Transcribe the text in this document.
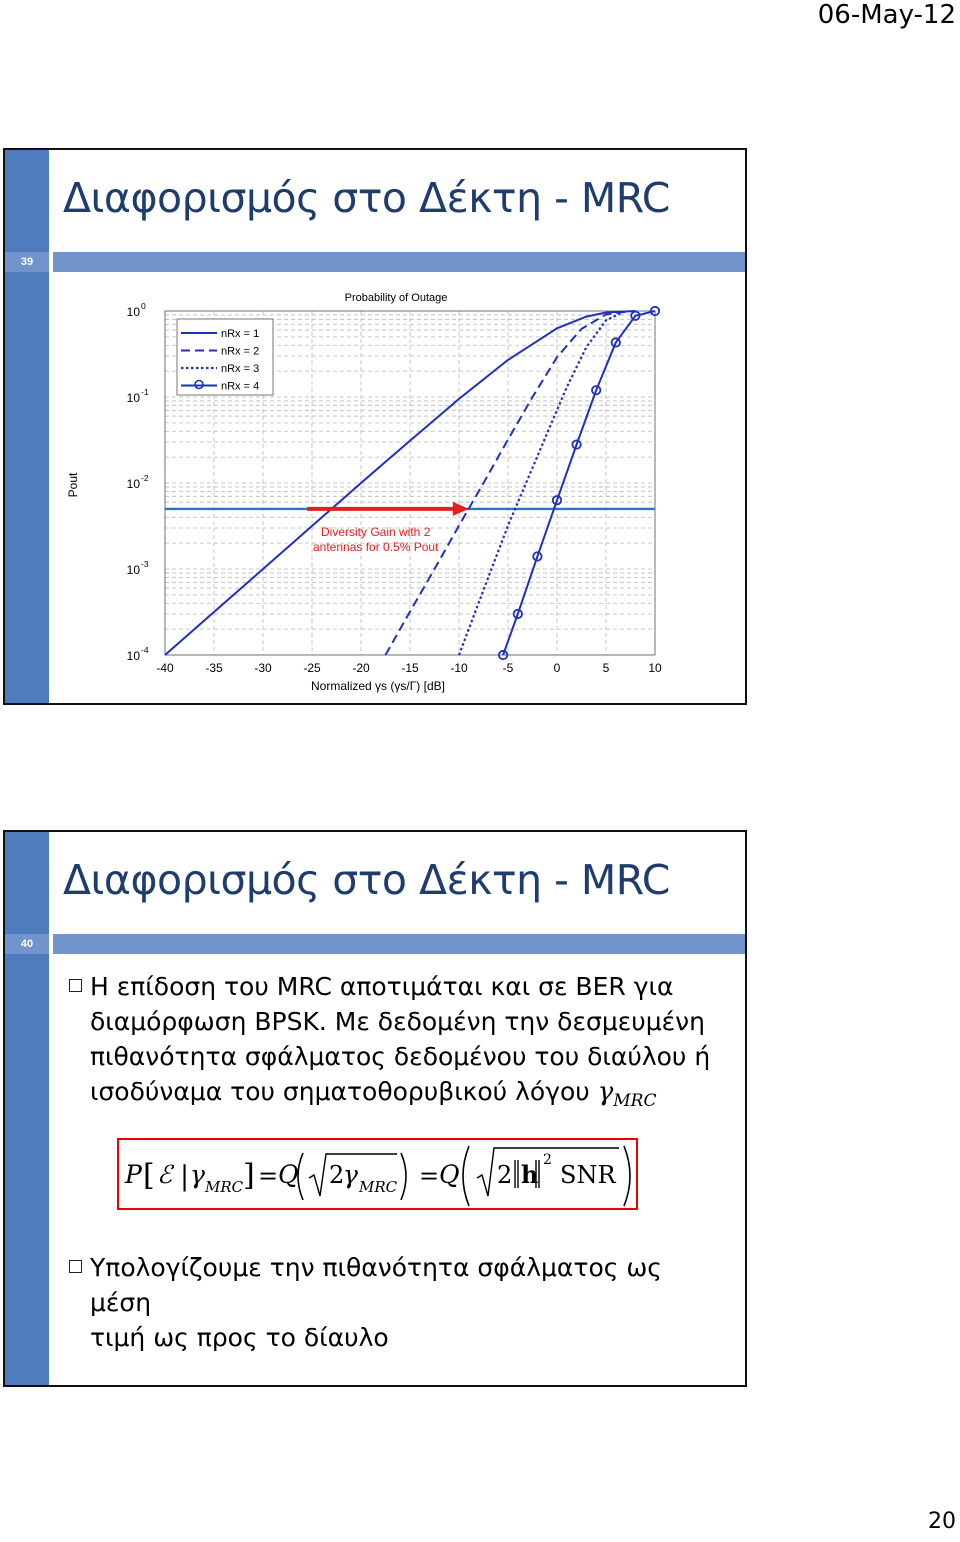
06-May-12
39
Διαφορισμός στο Δέκτη - MRC
-40	-35	-30	-25	-20	-15	-10	-5	0	5	10
10 0
10 -1
10 -2
10 -3
10 -4
Probability of Outage
Pout
Normalized γs (γs/Γ) [dB]
Diversity Gain with 2
antennas for 0.5% Pout
nRx = 1
nRx = 2
nRx = 3
nRx = 4
40
Διαφορισμός στο Δέκτη - MRC
Η επίδοση του MRC αποτιμάται και σε BER για
διαμόρφωση BPSK. Με δεδομένη την δεσμευμένη
πιθανότητα σφάλματος δεδομένου του διαύλου ή
ισοδύναμα του σηματοθορυβικού λόγου $\gamma_{MRC}$
P [ ℰ | γ MRC ] = Q 2
γ MRC = Q 2 h 2
SNR
Υπολογίζουμε την πιθανότητα σφάλματος ως μέση
τιμή ως προς το δίαυλο
20
